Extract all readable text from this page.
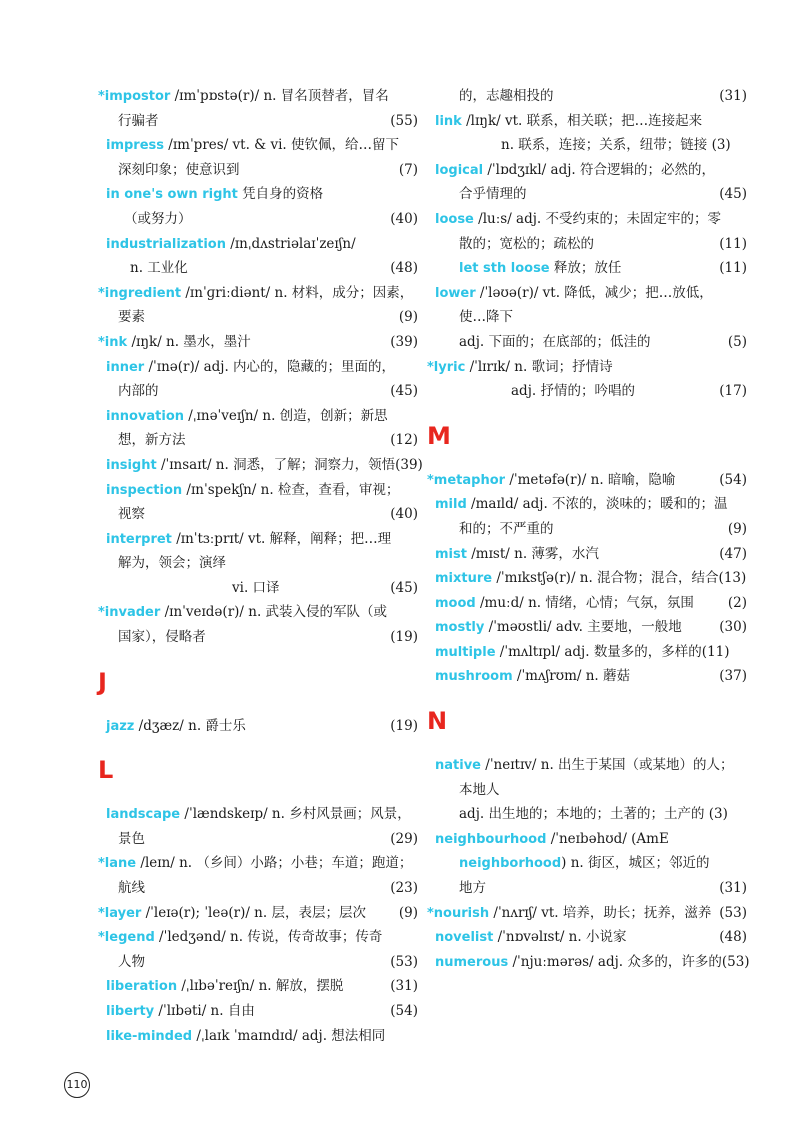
*impostor /ɪmˈpɒstə(r)/ n. 冒名顶替者，冒名
行骗者	(55)
impress /ɪmˈpres/ vt. & vi. 使钦佩，给…留下
深刻印象；使意识到	(7)
in one's own right 凭自身的资格
（或努力）	(40)
industrialization /ɪnˌdʌstriəlaɪˈzeɪʃn/
n. 工业化	(48)
*ingredient /ɪnˈɡriːdiənt/ n. 材料，成分；因素，
要素	(9)
*ink /ɪŋk/ n. 墨水，墨汁	(39)
inner /ˈɪnə(r)/ adj. 内心的，隐藏的；里面的，
内部的	(45)
innovation /ˌɪnəˈveɪʃn/ n. 创造，创新；新思
想，新方法	(12)
insight /ˈɪnsaɪt/ n. 洞悉，了解；洞察力，领悟(39)
inspection /ɪnˈspekʃn/ n. 检查，查看，审视；
视察	(40)
interpret /ɪnˈtɜːprɪt/ vt. 解释，阐释；把…理
解为，领会；演绎
vi. 口译	(45)
*invader /ɪnˈveɪdə(r)/ n. 武装入侵的军队（或
国家），侵略者	(19)
J
jazz /dʒæz/ n. 爵士乐	(19)
L
landscape /ˈlændskeɪp/ n. 乡村风景画；风景，
景色	(29)
*lane /leɪn/ n. （乡间）小路；小巷；车道；跑道；
航线	(23)
*layer /ˈleɪə(r); ˈleə(r)/ n. 层，表层；层次 (9)
*legend /ˈledʒənd/ n. 传说，传奇故事；传奇
人物	(53)
liberation /ˌlɪbəˈreɪʃn/ n. 解放，摆脱	(31)
liberty /ˈlɪbəti/ n. 自由	(54)
like-minded /ˌlaɪk ˈmaɪndɪd/ adj. 想法相同
的，志趣相投的	(31)
link /lɪŋk/ vt. 联系，相关联；把…连接起来
n. 联系，连接；关系，纽带；链接 (3)
logical /ˈlɒdʒɪkl/ adj. 符合逻辑的；必然的，
合乎情理的	(45)
loose /luːs/ adj. 不受约束的；未固定牢的；零
散的；宽松的；疏松的	(11)
let sth loose 释放；放任	(11)
lower /ˈləʊə(r)/ vt. 降低，减少；把…放低，
使…降下
adj. 下面的；在底部的；低洼的	(5)
*lyric /ˈlɪrɪk/ n. 歌词；抒情诗
adj. 抒情的；吟唱的	(17)
M
*metaphor /ˈmetəfə(r)/ n. 暗喻，隐喻	(54)
mild /maɪld/ adj. 不浓的，淡味的；暖和的；温
和的；不严重的	(9)
mist /mɪst/ n. 薄雾，水汽	(47)
mixture /ˈmɪkstʃə(r)/ n. 混合物；混合，结合(13)
mood /muːd/ n. 情绪，心情；气氛，氛围	(2)
mostly /ˈməʊstli/ adv. 主要地，一般地	(30)
multiple /ˈmʌltɪpl/ adj. 数量多的，多样的(11)
mushroom /ˈmʌʃrʊm/ n. 蘑菇	(37)
N
native /ˈneɪtɪv/ n. 出生于某国（或某地）的人；
本地人
adj. 出生地的；本地的；土著的；土产的 (3)
neighbourhood /ˈneɪbəhʊd/ (AmE
neighborhood) n. 街区，城区；邻近的
地方	(31)
*nourish /ˈnʌrɪʃ/ vt. 培养，助长；抚养，滋养 (53)
novelist /ˈnɒvəlɪst/ n. 小说家	(48)
numerous /ˈnjuːmərəs/ adj. 众多的，许多的(53)
110
